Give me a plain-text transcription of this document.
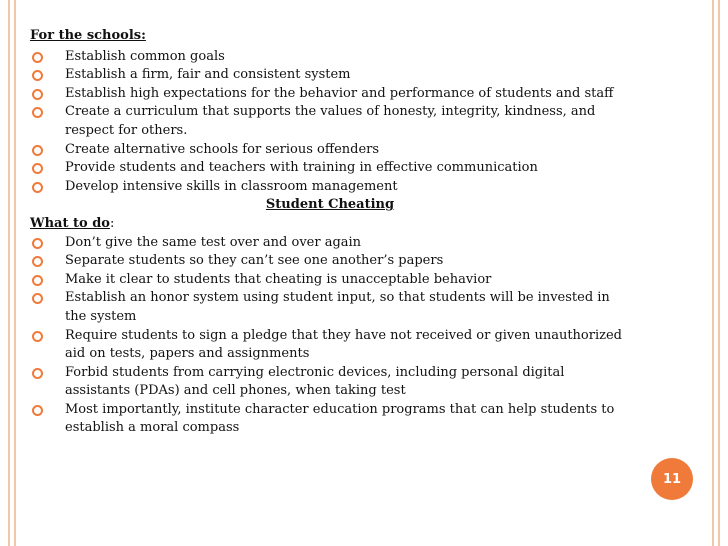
For the schools:
Establish common goals
Establish a firm, fair and consistent system
Establish high expectations for the behavior and performance of students and staff
Create a curriculum that supports the values of honesty, integrity, kindness, and respect for others.
Create alternative schools for serious offenders
Provide students and teachers with training in effective communication
Develop intensive skills in classroom management
Student Cheating
What to do:
Don’t give the same test over and over again
Separate students so they can’t see one another’s papers
Make it clear to students that cheating is unacceptable behavior
Establish an honor system using student input, so that students will be invested in the system
Require students to sign a pledge that they have not received or given unauthorized aid on tests, papers and assignments
Forbid students from carrying electronic devices, including personal digital assistants (PDAs) and cell phones, when taking test
Most importantly, institute character education programs that can help students to establish a moral compass
11
